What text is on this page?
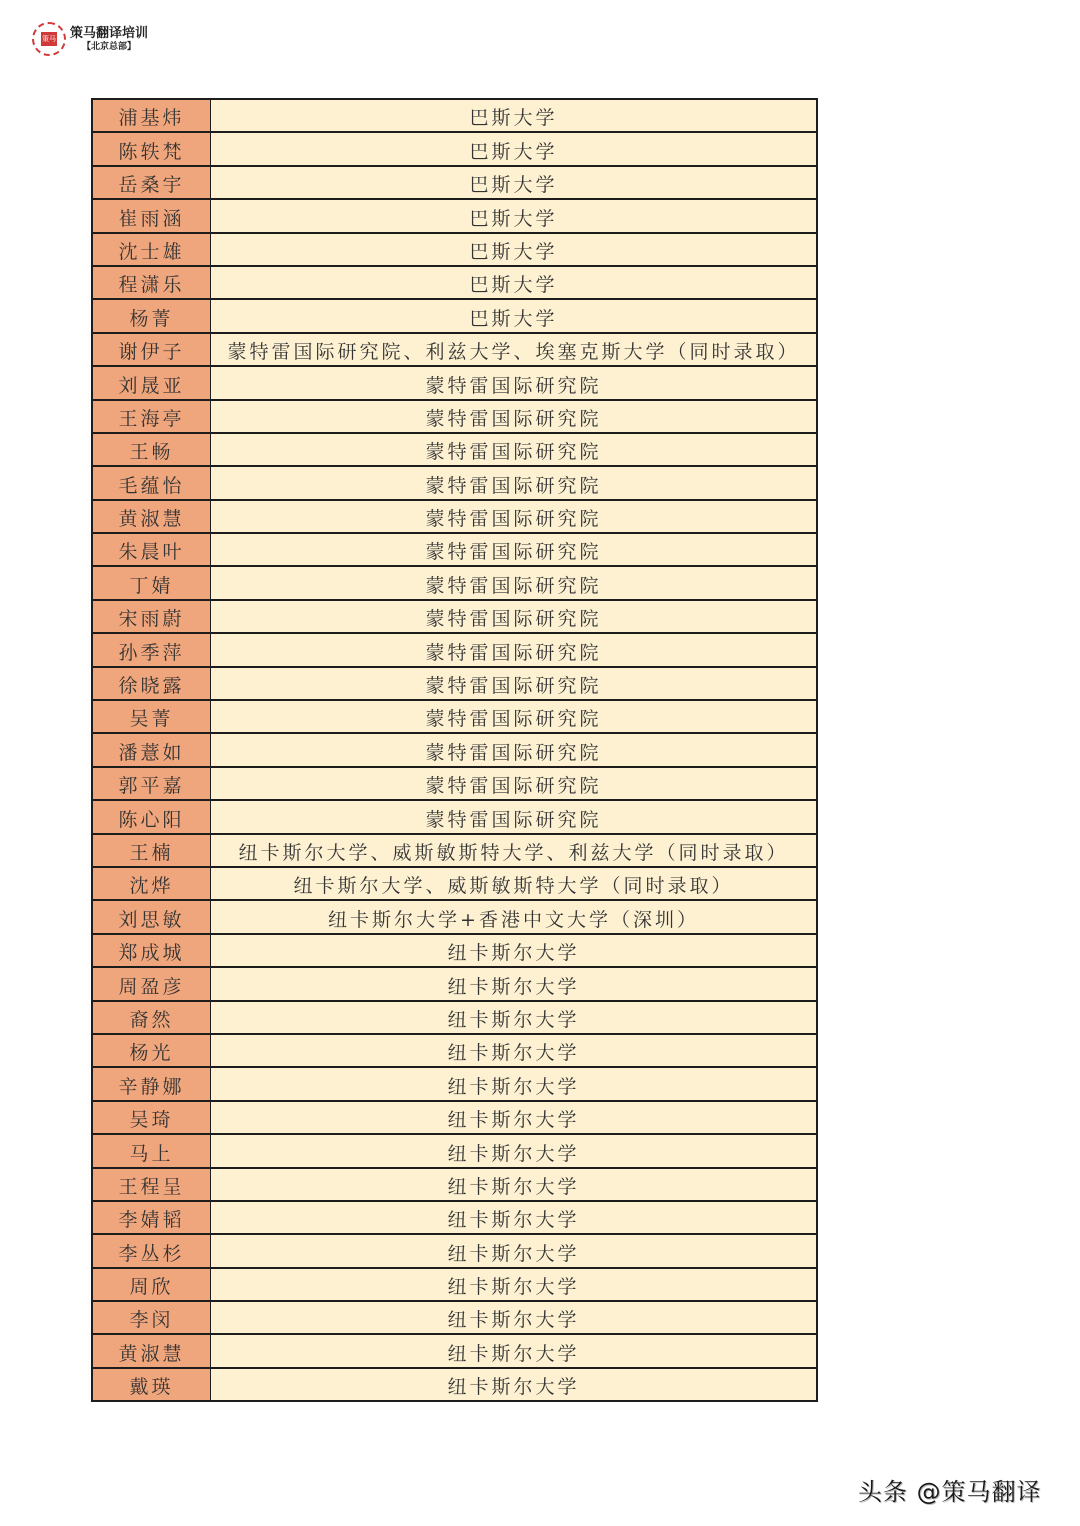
策马 策马翻译培训
【北京总部】
浦基炜	巴斯大学
陈轶梵	巴斯大学
岳桑宇	巴斯大学
崔雨涵	巴斯大学
沈士雄	巴斯大学
程潇乐	巴斯大学
杨菁	巴斯大学
谢伊子	蒙特雷国际研究院、利兹大学、埃塞克斯大学（同时录取）
刘晟亚	蒙特雷国际研究院
王海亭	蒙特雷国际研究院
王畅	蒙特雷国际研究院
毛蕴怡	蒙特雷国际研究院
黄淑慧	蒙特雷国际研究院
朱晨叶	蒙特雷国际研究院
丁婧	蒙特雷国际研究院
宋雨蔚	蒙特雷国际研究院
孙季萍	蒙特雷国际研究院
徐晓露	蒙特雷国际研究院
吴菁	蒙特雷国际研究院
潘薏如	蒙特雷国际研究院
郭平嘉	蒙特雷国际研究院
陈心阳	蒙特雷国际研究院
王楠	纽卡斯尔大学、威斯敏斯特大学、利兹大学（同时录取）
沈烨	纽卡斯尔大学、威斯敏斯特大学（同时录取）
刘思敏	纽卡斯尔大学+香港中文大学（深圳）
郑成城	纽卡斯尔大学
周盈彦	纽卡斯尔大学
裔然	纽卡斯尔大学
杨光	纽卡斯尔大学
辛静娜	纽卡斯尔大学
吴琦	纽卡斯尔大学
马上	纽卡斯尔大学
王程呈	纽卡斯尔大学
李婧韬	纽卡斯尔大学
李丛杉	纽卡斯尔大学
周欣	纽卡斯尔大学
李闵	纽卡斯尔大学
黄淑慧	纽卡斯尔大学
戴瑛	纽卡斯尔大学
头条 @策马翻译
